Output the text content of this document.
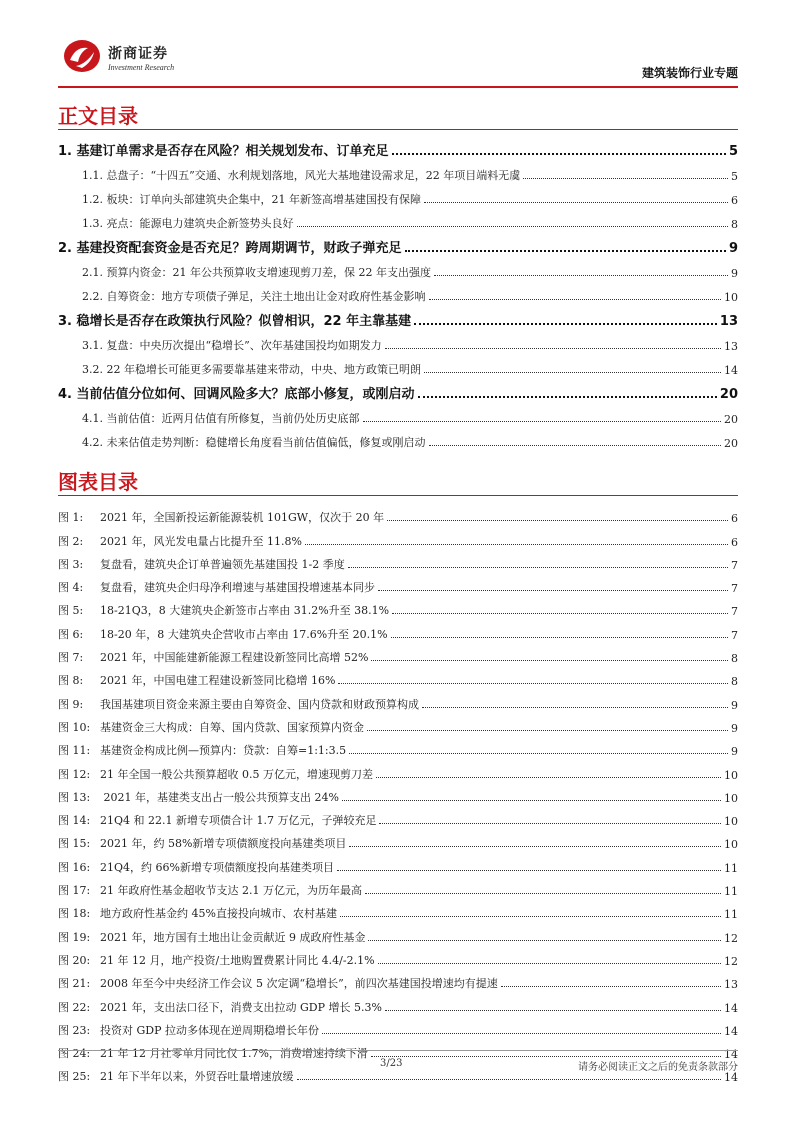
浙商证券
Investment Research	建筑装饰行业专题
正文目录
1. 基建订单需求是否存在风险？相关规划发布、订单充足	5
1.1. 总盘子：“十四五”交通、水利规划落地，风光大基地建设需求足，22 年项目端料无虞	5
1.2. 板块：订单向头部建筑央企集中，21 年新签高增基建国投有保障	6
1.3. 亮点：能源电力建筑央企新签势头良好	8
2. 基建投资配套资金是否充足？跨周期调节，财政子弹充足	9
2.1. 预算内资金：21 年公共预算收支增速现剪刀差，保 22 年支出强度	9
2.2. 自筹资金：地方专项债子弹足，关注土地出让金对政府性基金影响	10
3. 稳增长是否存在政策执行风险？似曾相识，22 年主靠基建	13
3.1. 复盘：中央历次提出“稳增长”、次年基建国投均如期发力	13
3.2. 22 年稳增长可能更多需要靠基建来带动，中央、地方政策已明朗	14
4. 当前估值分位如何、回调风险多大？底部小修复，或刚启动	20
4.1. 当前估值：近两月估值有所修复，当前仍处历史底部	20
4.2. 未来估值走势判断：稳健增长角度看当前估值偏低，修复或刚启动	20
图表目录
图 1: 2021 年，全国新投运新能源装机 101GW，仅次于 20 年	6
图 2: 2021 年，风光发电量占比提升至 11.8%	6
图 3: 复盘看，建筑央企订单普遍领先基建国投 1-2 季度	7
图 4: 复盘看，建筑央企归母净利增速与基建国投增速基本同步	7
图 5: 18-21Q3，8 大建筑央企新签市占率由 31.2%升至 38.1%	7
图 6: 18-20 年，8 大建筑央企营收市占率由 17.6%升至 20.1%	7
图 7: 2021 年，中国能建新能源工程建设新签同比高增 52%	8
图 8: 2021 年，中国电建工程建设新签同比稳增 16%	8
图 9: 我国基建项目资金来源主要由自筹资金、国内贷款和财政预算构成	9
图 10: 基建资金三大构成：自筹、国内贷款、国家预算内资金	9
图 11: 基建资金构成比例—预算内：贷款：自筹=1:1:3.5	9
图 12: 21 年全国一般公共预算超收 0.5 万亿元，增速现剪刀差	10
图 13: 2021 年，基建类支出占一般公共预算支出 24%	10
图 14: 21Q4 和 22.1 新增专项债合计 1.7 万亿元，子弹较充足	10
图 15: 2021 年，约 58%新增专项债额度投向基建类项目	10
图 16: 21Q4，约 66%新增专项债额度投向基建类项目	11
图 17: 21 年政府性基金超收节支达 2.1 万亿元，为历年最高	11
图 18: 地方政府性基金约 45%直接投向城市、农村基建	11
图 19: 2021 年，地方国有土地出让金贡献近 9 成政府性基金	12
图 20: 21 年 12 月，地产投资/土地购置费累计同比 4.4/-2.1%	12
图 21: 2008 年至今中央经济工作会议 5 次定调“稳增长”，前四次基建国投增速均有提速	13
图 22: 2021 年，支出法口径下，消费支出拉动 GDP 增长 5.3%	14
图 23: 投资对 GDP 拉动多体现在逆周期稳增长年份	14
图 24: 21 年 12 月社零单月同比仅 1.7%，消费增速持续下滑	14
图 25: 21 年下半年以来，外贸吞吐量增速放缓	14
3/23	请务必阅读正文之后的免责条款部分
